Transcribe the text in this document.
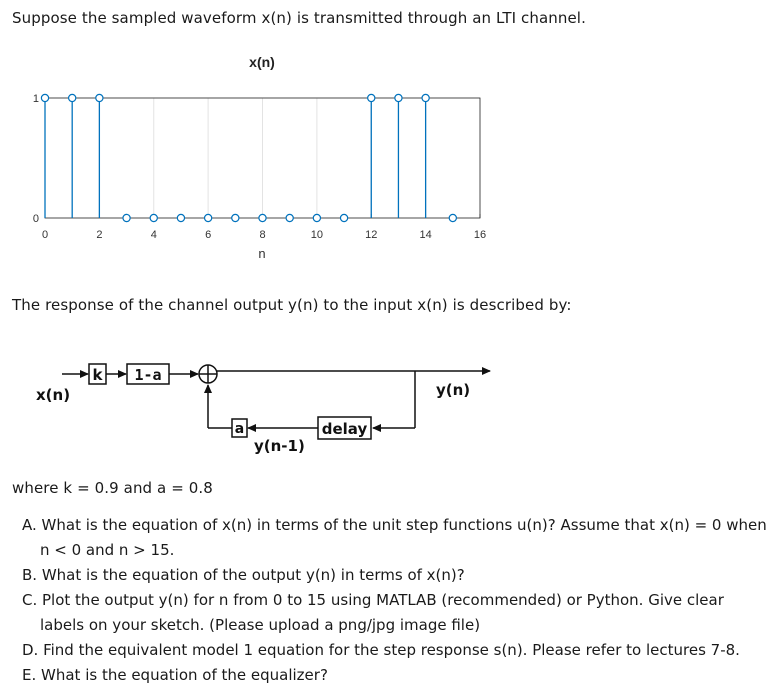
Suppose the sampled waveform x(n) is transmitted through an LTI channel.
x(n)
0	2	4	6	8	10	12	14	16
0
1
n
The response of the channel output y(n) to the input x(n) is described by:
x(n)
k 1-a
y(n)
delay
y(n-1)
a
where k = 0.9 and a = 0.8
A. What is the equation of x(n) in terms of the unit step functions u(n)? Assume that x(n) = 0 when
n < 0 and n > 15.
B. What is the equation of the output y(n) in terms of x(n)?
C. Plot the output y(n) for n from 0 to 15 using MATLAB (recommended) or Python. Give clear
labels on your sketch. (Please upload a png/jpg image file)
D. Find the equivalent model 1 equation for the step response s(n). Please refer to lectures 7-8.
E. What is the equation of the equalizer?
